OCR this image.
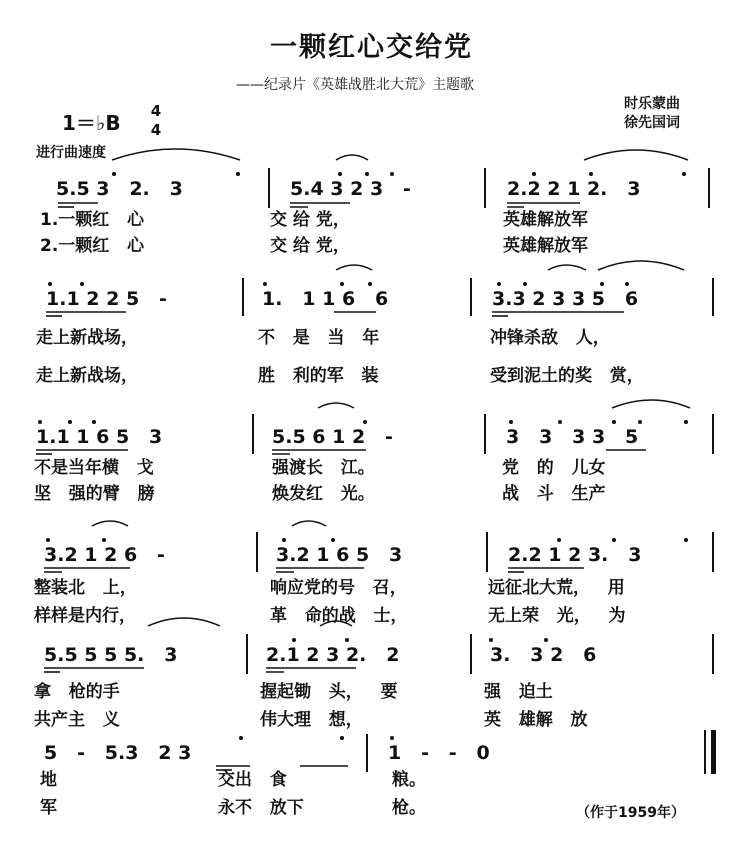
一颗红心交给党
——纪录片《英雄战胜北大荒》主题歌
时乐蒙曲
徐先国词
1＝♭B 4
4
进行曲速度
5.5 3   2.   3	5.4 3 2 3   -	2.2 2 1 2.   3
1.一颗红   心	交 给 党，	英雄解放军
2.一颗红   心	交 给 党，	英雄解放军
1.1 2 2 5   -	1.   1 1 6   6	3.3 2 3 3 5   6
走上新战场，	不   是   当   年	冲锋杀敌   人，
走上新战场，	胜   利的军   装	受到泥土的奖   赏，
1.1 1 6 5   3	5.5 6 1 2   -	3   3   3 3   5
不是当年横   戈	强渡长   江。	党   的   儿女
坚   强的臂   膀	焕发红   光。	战   斗   生产
3.2 1 2 6   -	3.2 1 6 5   3	2.2 1 2 3.   3
整装北   上，	响应党的号   召，	远征北大荒，   用
样样是内行，	革   命的战   士，	无上荣   光，   为
5.5 5 5 5.   3	2.1 2 3 2.   2	3.   3 2   6
拿   枪的手	握起锄   头，   要	强   迫土
共产主   义	伟大理   想，	英   雄解   放
5   -   5.3   2 3	1   -   -   0
地	交出   食	粮。
军	永不   放下	枪。	（作于1959年）
